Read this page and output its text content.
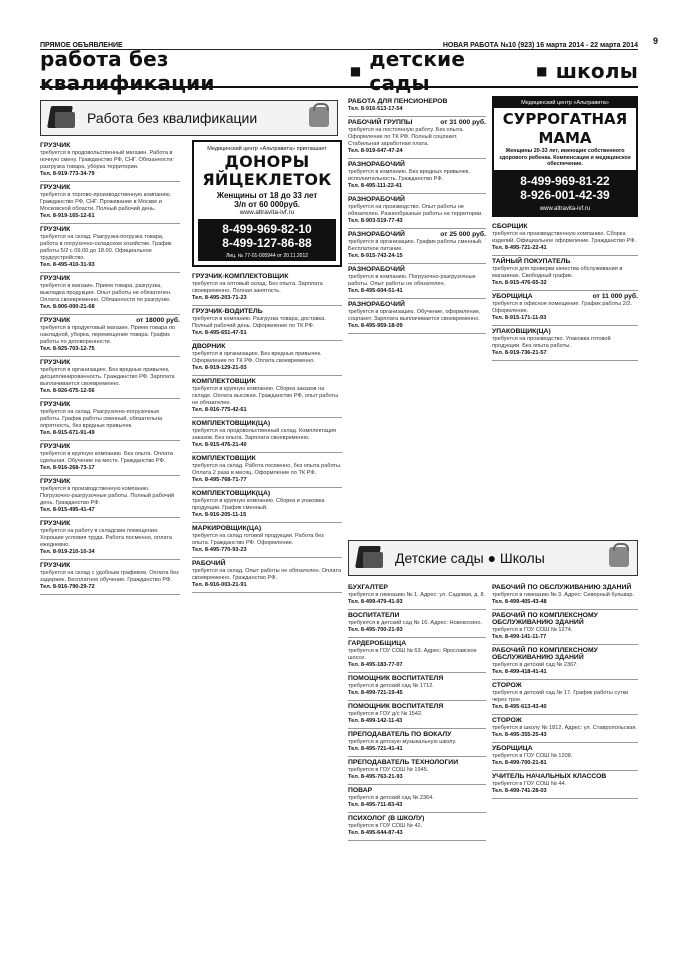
ПРЯМОЕ ОБЪЯВЛЕНИЕ	НОВАЯ РАБОТА №10 (923) 16 марта 2014 - 22 марта 2014 9
работа без квалификации	■ детские сады	■ школы
Работа без квалификации
ГРУЗЧИК
требуется в продовольственный магазин. Работа в ночную смену. Гражданство РФ, СНГ. Обязанности: разгрузка товара, уборка территории.
Тел. 8-919-773-34-79
ГРУЗЧИК
требуется в торгово-производственную компанию. Гражданство РФ, СНГ. Проживание в Москве и Московской области. Полный рабочий день.
Тел. 8-919-165-12-61
ГРУЗЧИК
требуется на склад. Разгрузка-погрузка товара, работа в погрузочно-складском хозяйстве. График работы 5/2 с 09.00 до 18.00. Официальное трудоустройство.
Тел. 8-495-410-31-93
ГРУЗЧИК
требуется в магазин. Прием товара, разгрузка, выкладка продукции. Опыт работы не обязателен. Оплата своевременно. Обязанности по разгрузке.
Тел. 8-906-000-21-68
ГРУЗЧИК	от 18000 руб.
требуется в продуктовый магазин. Прием товара по накладной, уборка, перемещение товара. График работы по договоренности.
Тел. 8-925-703-12-75
ГРУЗЧИК
требуется в организацию. Без вредных привычек, дисциплинированность. Гражданство РФ. Зарплата выплачивается своевременно.
Тел. 8-926-675-12-56
ГРУЗЧИК
требуется на склад. Разгрузочно-погрузочные работы. График работы сменный, обязательна опрятность, без вредных привычек.
Тел. 8-915-671-91-49
ГРУЗЧИК
требуется в крупную компанию. Без опыта. Оплата сдельная. Обучение на месте. Гражданство РФ.
Тел. 8-916-268-73-17
ГРУЗЧИК
требуется в производственную компанию. Погрузочно-разгрузочные работы. Полный рабочий день. Гражданство РФ.
Тел. 8-915-495-41-47
ГРУЗЧИК
требуется на работу в складские помещения. Хорошие условия труда. Работа посменно, оплата ежедневно.
Тел. 8-919-210-10-34
ГРУЗЧИК
требуется на склад с удобным графиком. Оплата без задержек. Бесплатное обучение. Гражданство РФ.
Тел. 8-916-790-29-72
Медицинский центр «Альтравита» приглашает
ДОНОРЫ
ЯЙЦЕКЛЕТОК
Женщины от 18 до 33 лет
З/п от 60 000руб.
www.altravita-ivf.ru
8-499-969-82-10
8-499-127-86-88
Лиц. № 77-01-005944 от 20.11.2012
ГРУЗЧИК-КОМПЛЕКТОВЩИК
требуется на оптовый склад. Без опыта. Зарплата своевременно. Полная занятость.
Тел. 8-495-203-71-23
ГРУЗЧИК-ВОДИТЕЛЬ
требуется в компанию. Разгрузка товара, доставка. Полный рабочий день. Оформление по ТК РФ.
Тел. 8-495-651-47-51
ДВОРНИК
требуется в организацию. Без вредных привычек. Оформление по ТК РФ. Оплата своевременно.
Тел. 8-919-129-21-03
КОМПЛЕКТОВЩИК
требуется в крупную компанию. Сборка заказов на складе. Оплата высокая. Гражданство РФ, опыт работы не обязателен.
Тел. 8-916-775-42-61
КОМПЛЕКТОВЩИК(ЦА)
требуется на продовольственный склад. Комплектация заказов. Без опыта. Зарплата своевременно.
Тел. 8-915-476-21-40
КОМПЛЕКТОВЩИК
требуется на склад. Работа посменно, без опыта работы. Оплата 2 раза в месяц. Оформление по ТК РФ.
Тел. 8-495-768-71-77
КОМПЛЕКТОВЩИК(ЦА)
требуется в крупную компанию. Сборка и упаковка продукции. График сменный.
Тел. 8-916-205-11-15
МАРКИРОВЩИК(ЦА)
требуется на склад готовой продукции. Работа без опыта. Гражданство РФ. Оформление.
Тел. 8-495-770-93-23
РАБОЧИЙ
требуется на склад. Опыт работы не обязателен. Оплата своевременно. Гражданство РФ.
Тел. 8-916-003-21-91
РАБОТА ДЛЯ ПЕНСИОНЕРОВ
Тел. 8-916-513-17-54
РАБОЧИЙ ГРУППЫ	от 31 000 руб.
требуется на постоянную работу. Без опыта. Оформление по ТК РФ. Полный соцпакет. Стабильная заработная плата.
Тел. 8-919-647-47-24
РАЗНОРАБОЧИЙ
требуется в компанию. Без вредных привычек, исполнительность. Гражданство РФ.
Тел. 8-495-111-22-41
РАЗНОРАБОЧИЙ
требуется на производство. Опыт работы не обязателен. Разнообразные работы на территории.
Тел. 8-903-519-77-43
РАЗНОРАБОЧИЙ	от 25 000 руб.
требуется в организацию. График работы сменный. Бесплатное питание.
Тел. 8-915-743-24-15
РАЗНОРАБОЧИЙ
требуется в компанию. Погрузочно-разгрузочные работы. Опыт работы не обязателен.
Тел. 8-495-604-51-41
РАЗНОРАБОЧИЙ
требуется в организацию. Обучение, оформление, соцпакет. Зарплата выплачивается своевременно.
Тел. 8-495-959-18-09
Медицинский центр «Альтравита»
СУРРОГАТНАЯ
МАМА
Женщины 20-33 лет, имеющие собственного здорового ребенка. Компенсация и медицинское обеспечение.
8-499-969-81-22
8-926-001-42-39
www.altravita-ivf.ru
СБОРЩИК
требуется на производственную компанию. Сборка изделий. Официальное оформление. Гражданство РФ.
Тел. 8-495-721-22-41
ТАЙНЫЙ ПОКУПАТЕЛЬ
требуется для проверки качества обслуживания в магазинах. Свободный график.
Тел. 8-915-476-65-32
УБОРЩИЦА	от 11 000 руб.
требуется в офисное помещение. График работы 2/2. Оформление.
Тел. 8-915-171-11-93
УПАКОВЩИК(ЦА)
требуется на производство. Упаковка готовой продукции. Без опыта работы.
Тел. 8-919-736-21-57
Детские сады ● Школы
БУХГАЛТЕР
требуется в гимназию № 1. Адрес: ул. Садовая, д. 8.
Тел. 8-499-479-41-93
ВОСПИТАТЕЛИ
требуются в детский сад № 16. Адрес: Новокосино.
Тел. 8-495-700-21-93
ГАРДЕРОБЩИЦА
требуется в ГОУ СОШ № 63. Адрес: Ярославское шоссе.
Тел. 8-495-183-77-07
ПОМОЩНИК ВОСПИТАТЕЛЯ
требуется в детский сад № 1712.
Тел. 8-499-721-19-45
ПОМОЩНИК ВОСПИТАТЕЛЯ
требуется в ГОУ д/с № 1542.
Тел. 8-499-142-11-43
ПРЕПОДАВАТЕЛЬ ПО ВОКАЛУ
требуется в детскую музыкальную школу.
Тел. 8-495-721-41-41
ПРЕПОДАВАТЕЛЬ ТЕХНОЛОГИИ
требуется в ГОУ СОШ № 1945.
Тел. 8-495-763-21-93
ПОВАР
требуется в детский сад № 2364.
Тел. 8-495-711-83-43
ПСИХОЛОГ (В ШКОЛУ)
требуется в ГОУ СОШ № 42.
Тел. 8-495-644-87-43
РАБОЧИЙ ПО ОБСЛУЖИВАНИЮ ЗДАНИЙ
требуется в гимназию № 3. Адрес: Северный бульвар.
Тел. 8-499-405-43-48
РАБОЧИЙ ПО КОМПЛЕКСНОМУ ОБСЛУЖИВАНИЮ ЗДАНИЙ
требуется в ГОУ СОШ № 1274.
Тел. 8-499-141-11-77
РАБОЧИЙ ПО КОМПЛЕКСНОМУ ОБСЛУЖИВАНИЮ ЗДАНИЙ
требуется в детский сад № 2367.
Тел. 8-499-418-41-41
СТОРОЖ
требуется в детский сад № 17. График работы сутки через трое.
Тел. 8-495-613-43-40
СТОРОЖ
требуется в школу № 1812. Адрес: ул. Ставропольская.
Тел. 8-495-355-25-43
УБОРЩИЦА
требуется в ГОУ СОШ № 1208.
Тел. 8-499-700-21-81
УЧИТЕЛЬ НАЧАЛЬНЫХ КЛАССОВ
требуется в ГОУ СОШ № 44.
Тел. 8-499-741-28-03
